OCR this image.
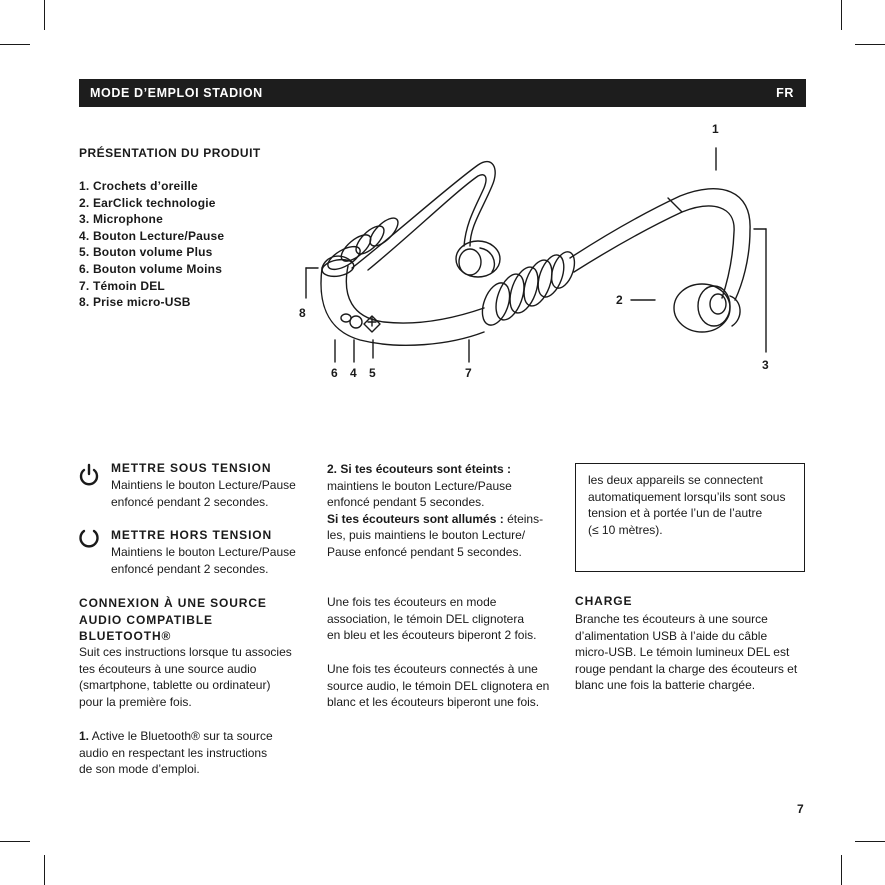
MODE D’EMPLOI STADION	FR
PRÉSENTATION DU PRODUIT
1. Crochets d’oreille
2. EarClick technologie
3. Microphone
4. Bouton Lecture/Pause
5. Bouton volume Plus
6. Bouton volume Moins
7. Témoin DEL
8. Prise micro-USB
1
2
3
4 5
6	7
8
METTRE SOUS TENSION
Maintiens le bouton Lecture/Pause
enfoncé pendant 2 secondes.
METTRE HORS TENSION
Maintiens le bouton Lecture/Pause
enfoncé pendant 2 secondes.
CONNEXION À UNE SOURCE
AUDIO COMPATIBLE
BLUETOOTH®
Suit ces instructions lorsque tu associes
tes écouteurs à une source audio
(smartphone, tablette ou ordinateur)
pour la première fois.
1. Active le Bluetooth® sur ta source
audio en respectant les instructions
de son mode d’emploi.
2. Si tes écouteurs sont éteints :
maintiens le bouton Lecture/Pause
enfoncé pendant 5 secondes.
Si tes écouteurs sont allumés : éteins-
les, puis maintiens le bouton Lecture/
Pause enfoncé pendant 5 secondes.
Une fois tes écouteurs en mode
association, le témoin DEL clignotera
en bleu et les écouteurs biperont 2 fois.
Une fois tes écouteurs connectés à une
source audio, le témoin DEL clignotera en
blanc et les écouteurs biperont une fois.
les deux appareils se connectent
automatiquement lorsqu’ils sont sous
tension et à portée l’un de l’autre
(≤ 10 mètres).
CHARGE
Branche tes écouteurs à une source
d’alimentation USB à l’aide du câble
micro-USB. Le témoin lumineux DEL est
rouge pendant la charge des écouteurs et
blanc une fois la batterie chargée.
7
